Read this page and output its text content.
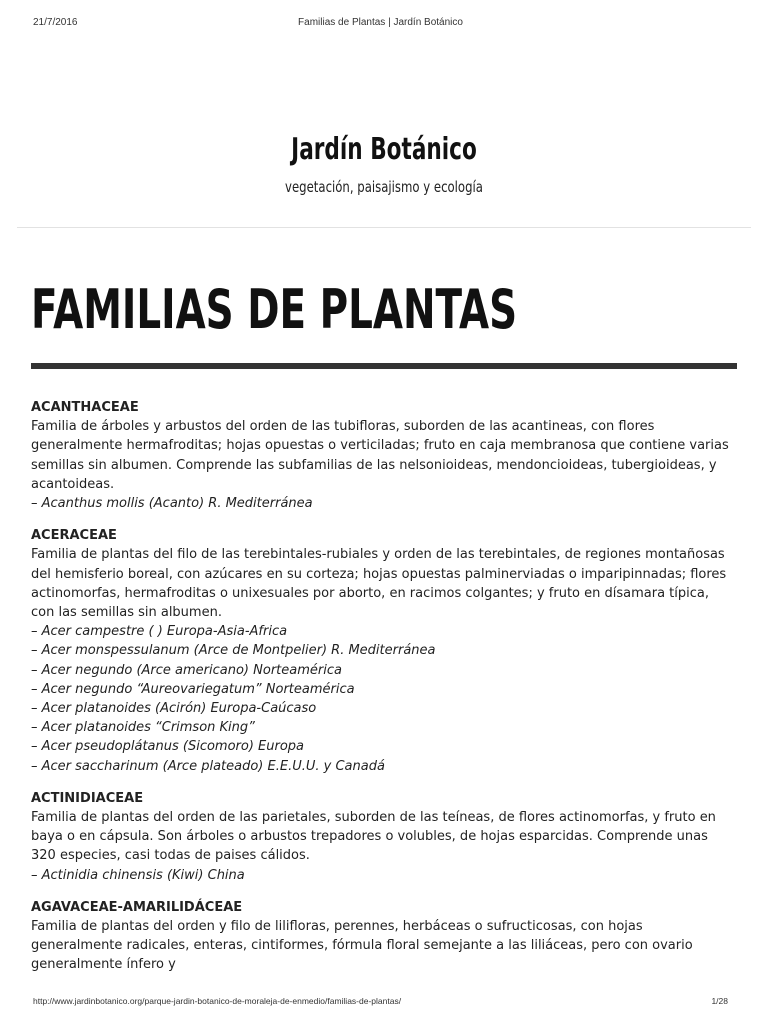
21/7/2016	Familias de Plantas | Jardín Botánico
Jardín Botánico

vegetación, paisajismo y ecología

FAMILIAS DE PLANTAS
ACANTHACEAE

Familia de árboles y arbustos del orden de las tubifloras, suborden de las acantineas, con flores generalmente hermafroditas; hojas opuestas o verticiladas; fruto en caja membranosa que contiene varias semillas sin albumen. Comprende las subfamilias de las nelsonioideas, mendoncioideas, tubergioideas, y acantoideas.

– Acanthus mollis (Acanto) R. Mediterránea
ACERACEAE

Familia de plantas del filo de las terebintales-rubiales y orden de las terebintales, de regiones montañosas del hemisferio boreal, con azúcares en su corteza; hojas opuestas palminerviadas o imparipinnadas; flores actinomorfas, hermafroditas o unixesuales por aborto, en racimos colgantes; y fruto en dísamara típica, con las semillas sin albumen.

– Acer campestre ( ) Europa-Asia-Africa
– Acer monspessulanum (Arce de Montpelier) R. Mediterránea
– Acer negundo (Arce americano) Norteamérica
– Acer negundo “Aureovariegatum” Norteamérica
– Acer platanoides (Acirón) Europa-Caúcaso
– Acer platanoides “Crimson King”
– Acer pseudoplátanus (Sicomoro) Europa
– Acer saccharinum (Arce plateado) E.E.U.U. y Canadá
ACTINIDIACEAE

Familia de plantas del orden de las parietales, suborden de las teíneas, de flores actinomorfas, y fruto en baya o en cápsula. Son árboles o arbustos trepadores o volubles, de hojas esparcidas. Comprende unas 320 especies, casi todas de paises cálidos.

– Actinidia chinensis (Kiwi) China
AGAVACEAE-AMARILIDÁCEAE

Familia de plantas del orden y filo de lilifloras, perennes, herbáceas o sufructicosas, con hojas generalmente radicales, enteras, cintiformes, fórmula floral semejante a las liliáceas, pero con ovario generalmente ínfero y

http://www.jardinbotanico.org/parque-jardin-botanico-de-moraleja-de-enmedio/familias-de-plantas/	1/28
